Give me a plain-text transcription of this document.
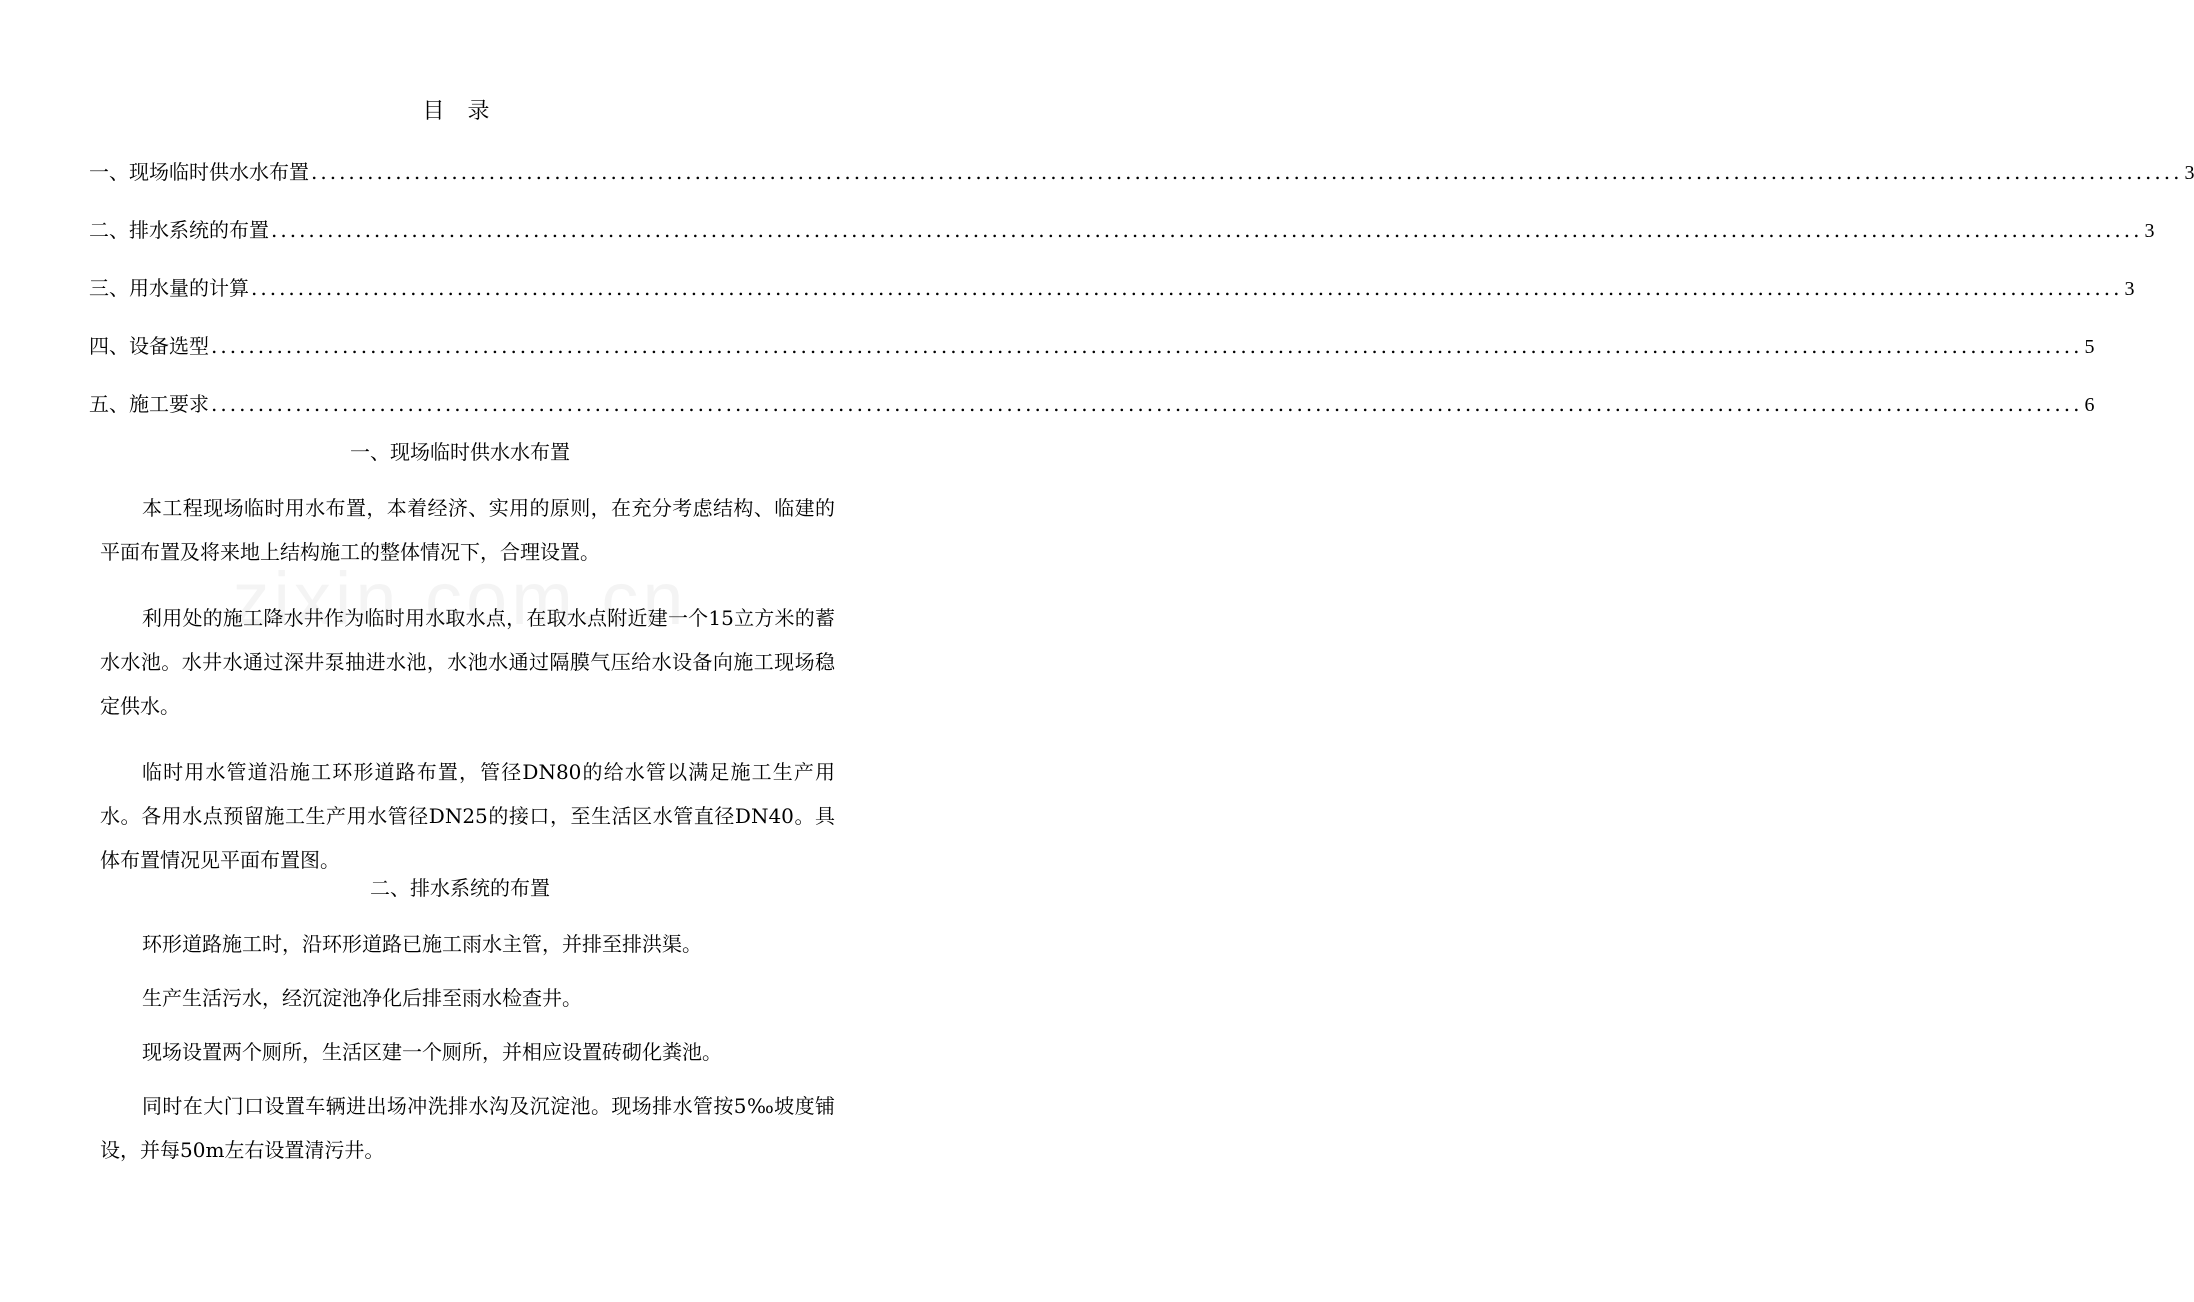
目 录
一、现场临时供水水布置 ........................................................................................................................................................................................................ 3
二、排水系统的布置 ........................................................................................................................................................................................................ 3
三、用水量的计算 ........................................................................................................................................................................................................ 3
四、设备选型 ........................................................................................................................................................................................................ 5
五、施工要求 ........................................................................................................................................................................................................ 6
一、现场临时供水水布置
本工程现场临时用水布置，本着经济、实用的原则，在充分考虑结构、临建的平面布置及将来地上结构施工的整体情况下，合理设置。
利用处的施工降水井作为临时用水取水点，在取水点附近建一个15立方米的蓄水水池。水井水通过深井泵抽进水池，水池水通过隔膜气压给水设备向施工现场稳定供水。
临时用水管道沿施工环形道路布置，管径DN80的给水管以满足施工生产用水。各用水点预留施工生产用水管径DN25的接口，至生活区水管直径DN40。具体布置情况见平面布置图。
二、排水系统的布置
环形道路施工时，沿环形道路已施工雨水主管，并排至排洪渠。
生产生活污水，经沉淀池净化后排至雨水检查井。
现场设置两个厕所，生活区建一个厕所，并相应设置砖砌化粪池。
同时在大门口设置车辆进出场冲洗排水沟及沉淀池。现场排水管按5‰坡度铺设，并每50m左右设置清污井。
